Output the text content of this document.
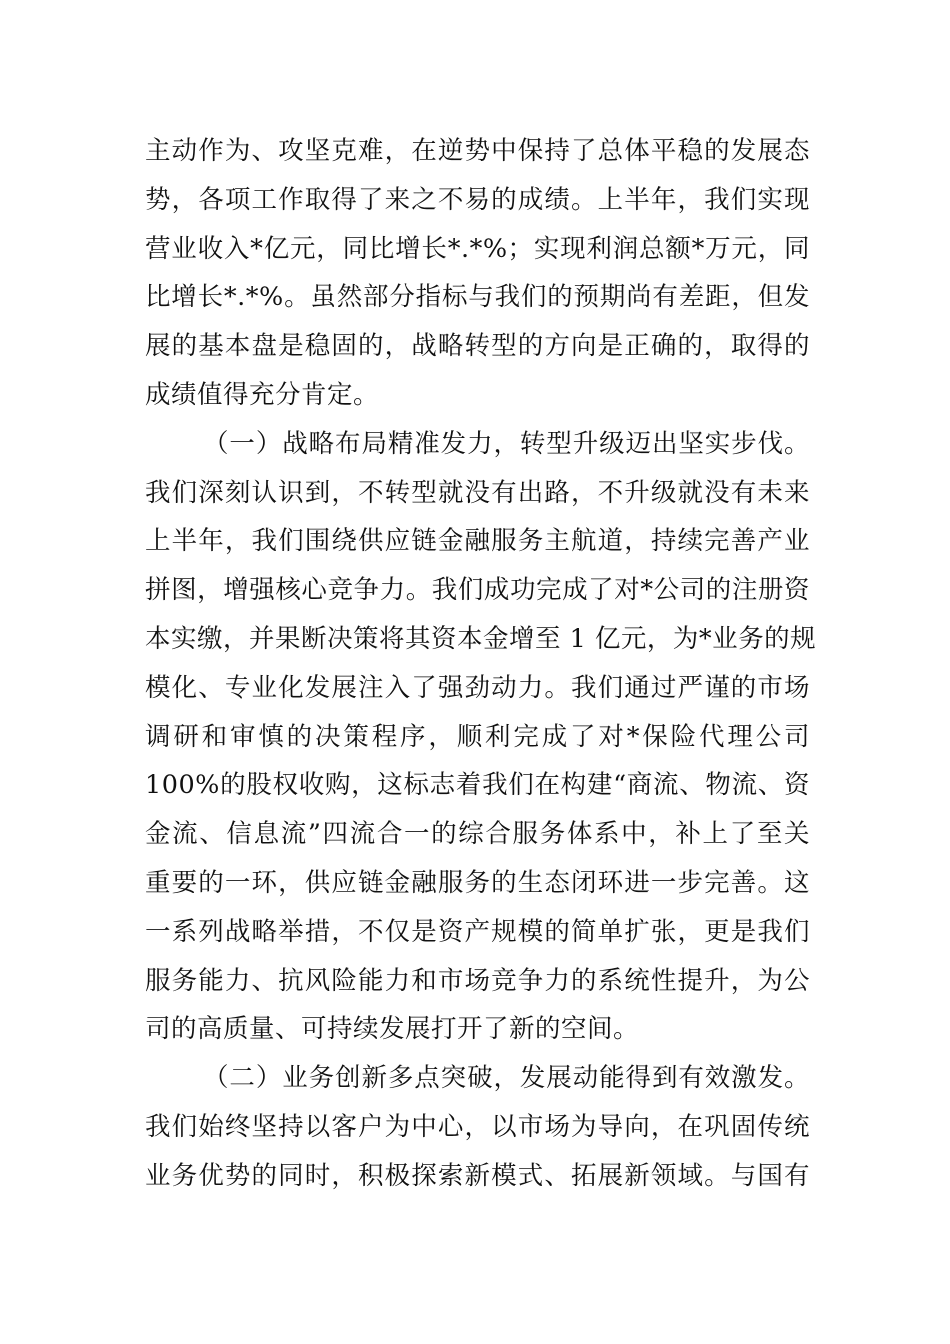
主动作为、攻坚克难，在逆势中保持了总体平稳的发展态
势，各项工作取得了来之不易的成绩。上半年，我们实现
营业收入*亿元，同比增长*.*%；实现利润总额*万元，同
比增长*.*%。虽然部分指标与我们的预期尚有差距，但发
展的基本盘是稳固的，战略转型的方向是正确的，取得的
成绩值得充分肯定。
（一）战略布局精准发力，转型升级迈出坚实步伐。
我们深刻认识到，不转型就没有出路，不升级就没有未来
上半年，我们围绕供应链金融服务主航道，持续完善产业
拼图，增强核心竞争力。我们成功完成了对*公司的注册资
本实缴，并果断决策将其资本金增至 1 亿元，为*业务的规
模化、专业化发展注入了强劲动力。我们通过严谨的市场
调研和审慎的决策程序，顺利完成了对*保险代理公司
100%的股权收购，这标志着我们在构建“商流、物流、资
金流、信息流”四流合一的综合服务体系中，补上了至关
重要的一环，供应链金融服务的生态闭环进一步完善。这
一系列战略举措，不仅是资产规模的简单扩张，更是我们
服务能力、抗风险能力和市场竞争力的系统性提升，为公
司的高质量、可持续发展打开了新的空间。
（二）业务创新多点突破，发展动能得到有效激发。
我们始终坚持以客户为中心，以市场为导向，在巩固传统
业务优势的同时，积极探索新模式、拓展新领域。与国有
